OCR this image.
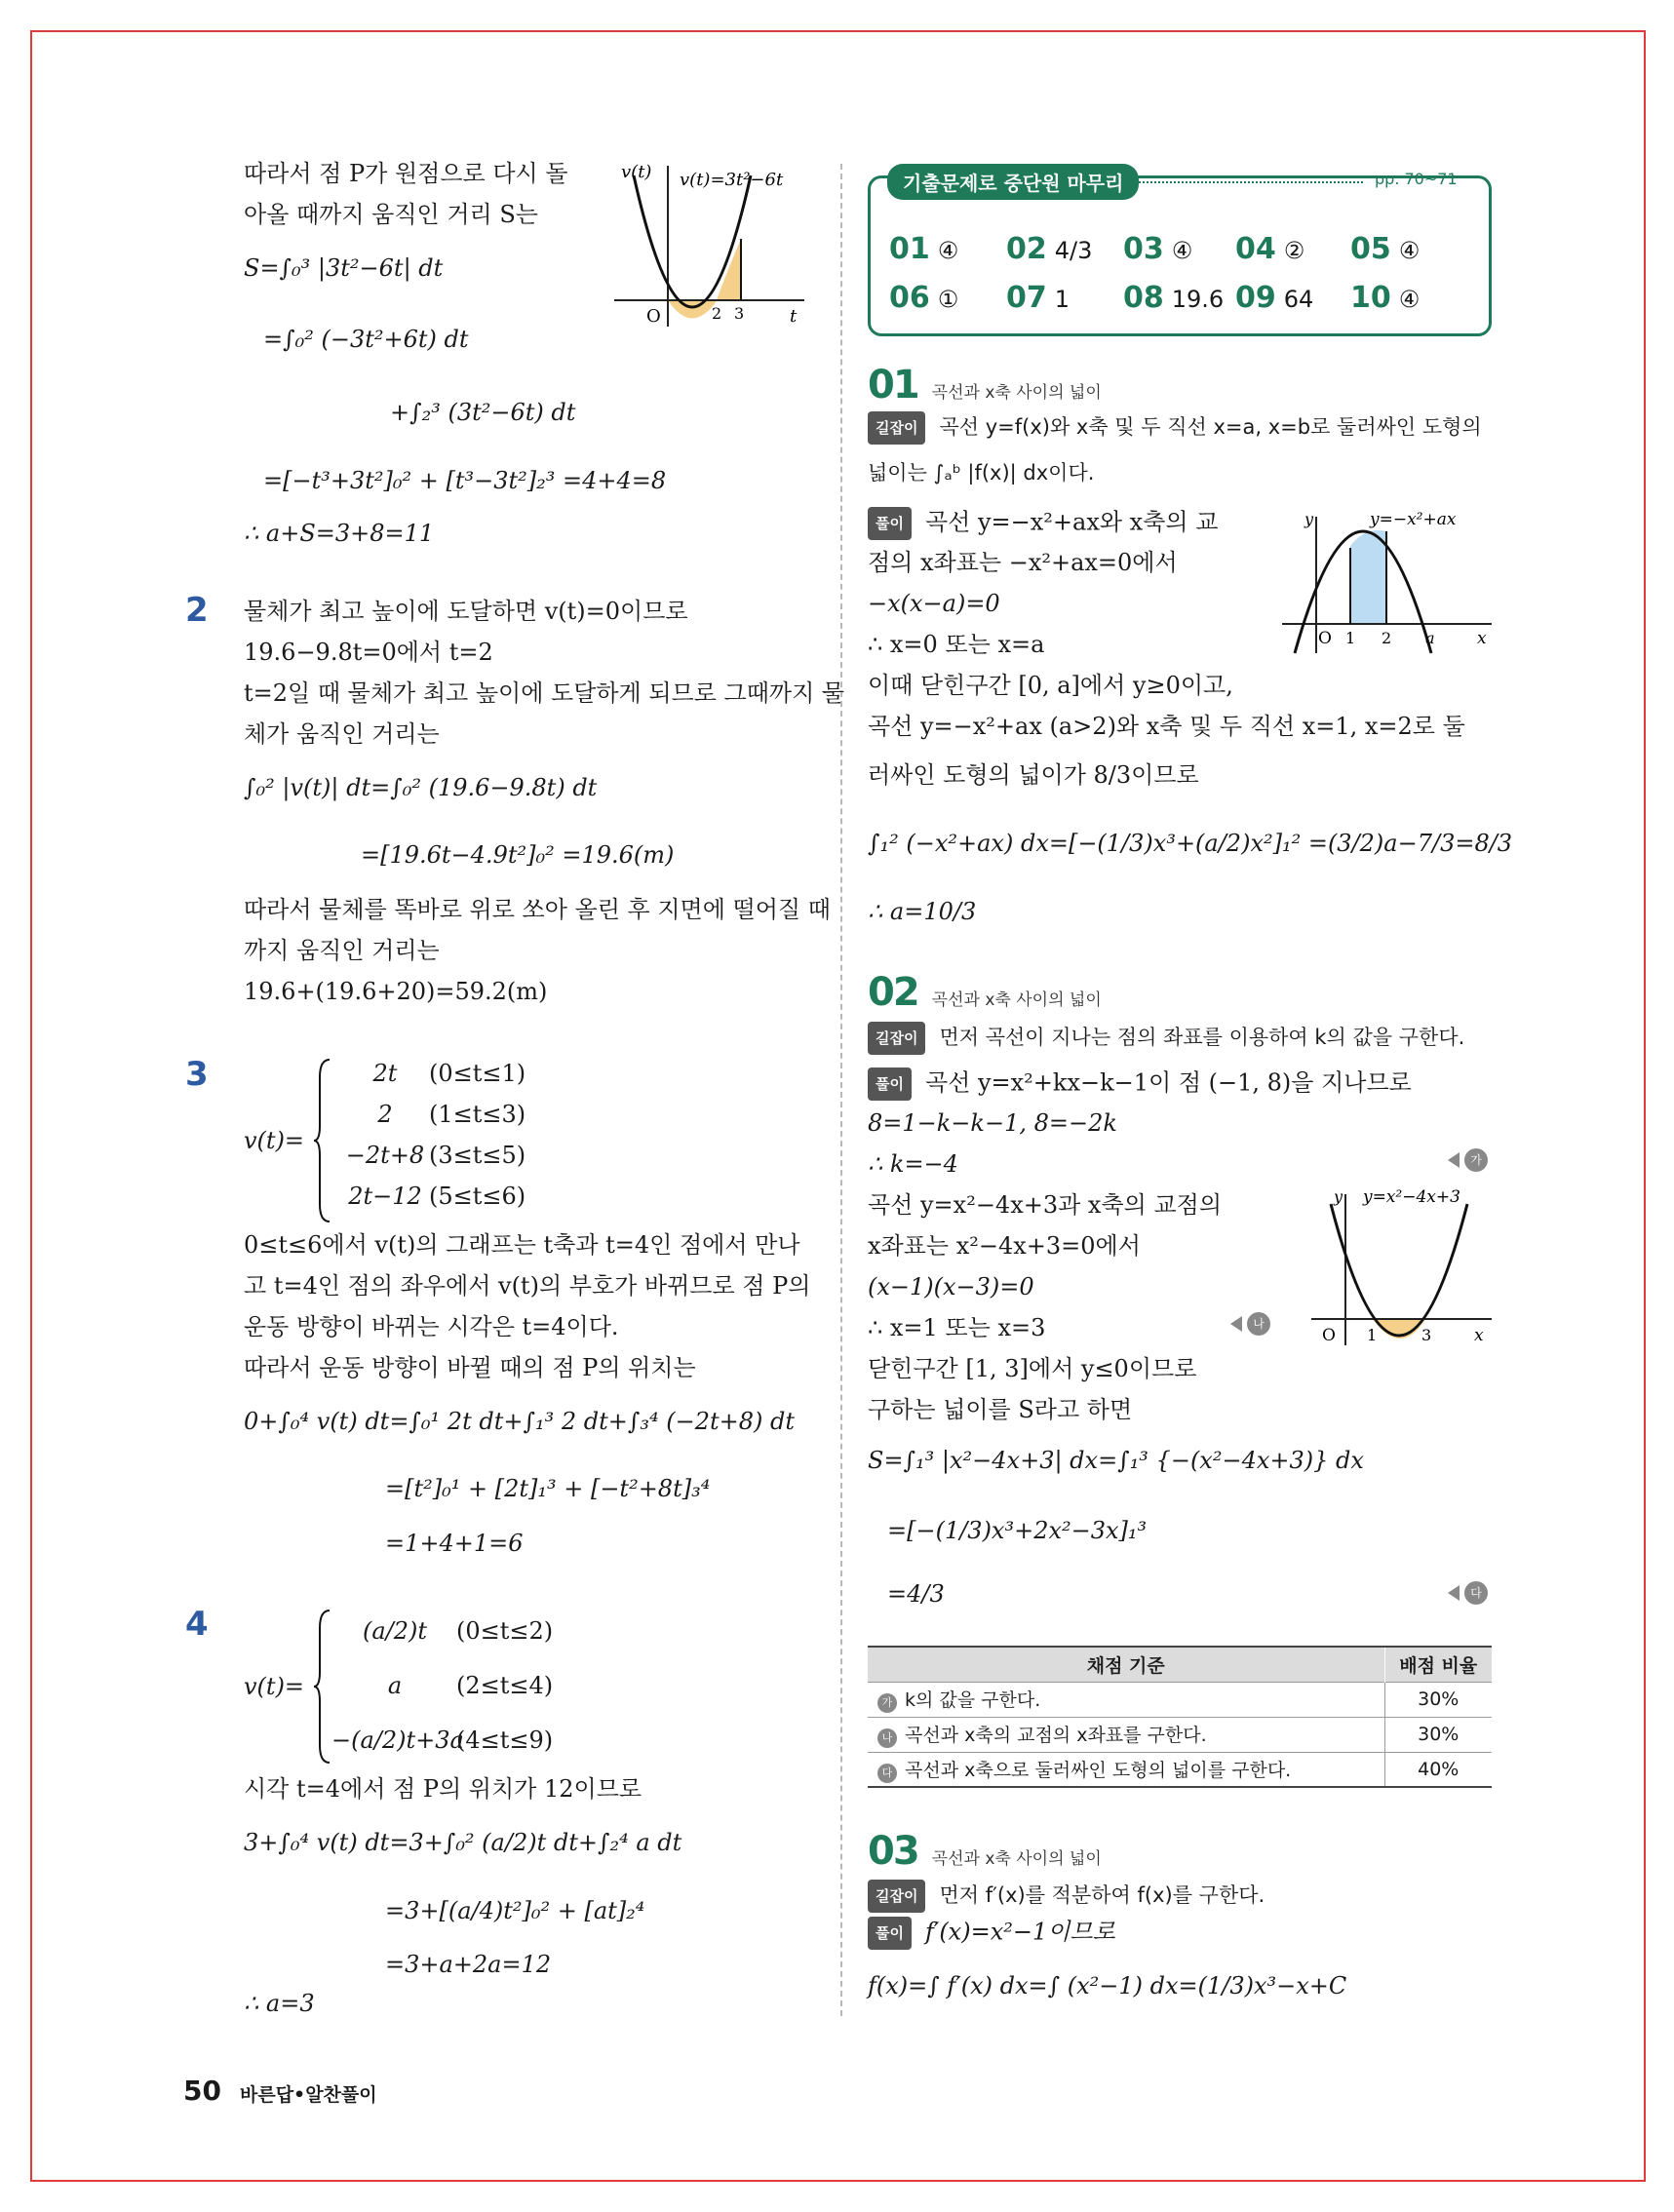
따라서 점 P가 원점으로 다시 돌
아올 때까지 움직인 거리 S는
S=∫₀³ |3t²−6t| dt
=∫₀² (−3t²+6t) dt
+∫₂³ (3t²−6t) dt
=[−t³+3t²]₀² + [t³−3t²]₂³ =4+4=8
∴ a+S=3+8=11
v(t) v(t)=3t²−6t
O	2 3	t
2 물체가 최고 높이에 도달하면 v(t)=0이므로
19.6−9.8t=0에서 t=2
t=2일 때 물체가 최고 높이에 도달하게 되므로 그때까지 물
체가 움직인 거리는
∫₀² |v(t)| dt=∫₀² (19.6−9.8t) dt
=[19.6t−4.9t²]₀² =19.6(m)
따라서 물체를 똑바로 위로 쏘아 올린 후 지면에 떨어질 때
까지 움직인 거리는
19.6+(19.6+20)=59.2(m)
3
v(t)=
2t	(0≤t≤1)
2	(1≤t≤3)
−2t+8 (3≤t≤5)
2t−12 (5≤t≤6)
0≤t≤6에서 v(t)의 그래프는 t축과 t=4인 점에서 만나
고 t=4인 점의 좌우에서 v(t)의 부호가 바뀌므로 점 P의
운동 방향이 바뀌는 시각은 t=4이다.
따라서 운동 방향이 바뀔 때의 점 P의 위치는
0+∫₀⁴ v(t) dt=∫₀¹ 2t dt+∫₁³ 2 dt+∫₃⁴ (−2t+8) dt
=[t²]₀¹ + [2t]₁³ + [−t²+8t]₃⁴
=1+4+1=6
4
v(t)=
(a/2)t	(0≤t≤2)
a	(2≤t≤4)
−(a/2)t+3a
(4≤t≤9)
시각 t=4에서 점 P의 위치가 12이므로
3+∫₀⁴ v(t) dt=3+∫₀² (a/2)t dt+∫₂⁴ a dt
=3+[(a/4)t²]₀² + [at]₂⁴
=3+a+2a=12
∴ a=3
기출문제로 중단원 마무리	pp. 70~71
01 ④ 02 4/3 03 ④ 04 ② 05 ④
06 ① 07 1 08 19.6 09 64 10 ④
01 곡선과 x축 사이의 넓이
길잡이 곡선 y=f(x)와 x축 및 두 직선 x=a, x=b로 둘러싸인 도형의
넓이는 ∫ₐᵇ |f(x)| dx이다.
풀이 곡선 y=−x²+ax와 x축의 교
점의 x좌표는 −x²+ax=0에서
−x(x−a)=0
∴ x=0 또는 x=a
이때 닫힌구간 [0, a]에서 y≥0이고,
곡선 y=−x²+ax (a>2)와 x축 및 두 직선 x=1, x=2로 둘
러싸인 도형의 넓이가 8/3이므로
∫₁² (−x²+ax) dx=[−(1/3)x³+(a/2)x²]₁² =(3/2)a−7/3=8/3
∴ a=10/3
y	y=−x²+ax
O 1 2 a	x
02 곡선과 x축 사이의 넓이
길잡이 먼저 곡선이 지나는 점의 좌표를 이용하여 k의 값을 구한다.
풀이 곡선 y=x²+kx−k−1이 점 (−1, 8)을 지나므로
8=1−k−k−1, 8=−2k
∴ k=−4
곡선 y=x²−4x+3과 x축의 교점의
x좌표는 x²−4x+3=0에서
(x−1)(x−3)=0
∴ x=1 또는 x=3
닫힌구간 [1, 3]에서 y≤0이므로
구하는 넓이를 S라고 하면
S=∫₁³ |x²−4x+3| dx=∫₁³ {−(x²−4x+3)} dx
=[−(1/3)x³+2x²−3x]₁³
=4/3
가
나
다
y y=x²−4x+3
O 1	3	x
채점 기준	배점 비율
가 k의 값을 구한다.	30%
나 곡선과 x축의 교점의 x좌표를 구한다.	30%
다 곡선과 x축으로 둘러싸인 도형의 넓이를 구한다.	40%
03 곡선과 x축 사이의 넓이
길잡이 먼저 f′(x)를 적분하여 f(x)를 구한다.
풀이 f′(x)=x²−1이므로
f(x)=∫ f′(x) dx=∫ (x²−1) dx=(1/3)x³−x+C
50 바른답•알찬풀이
